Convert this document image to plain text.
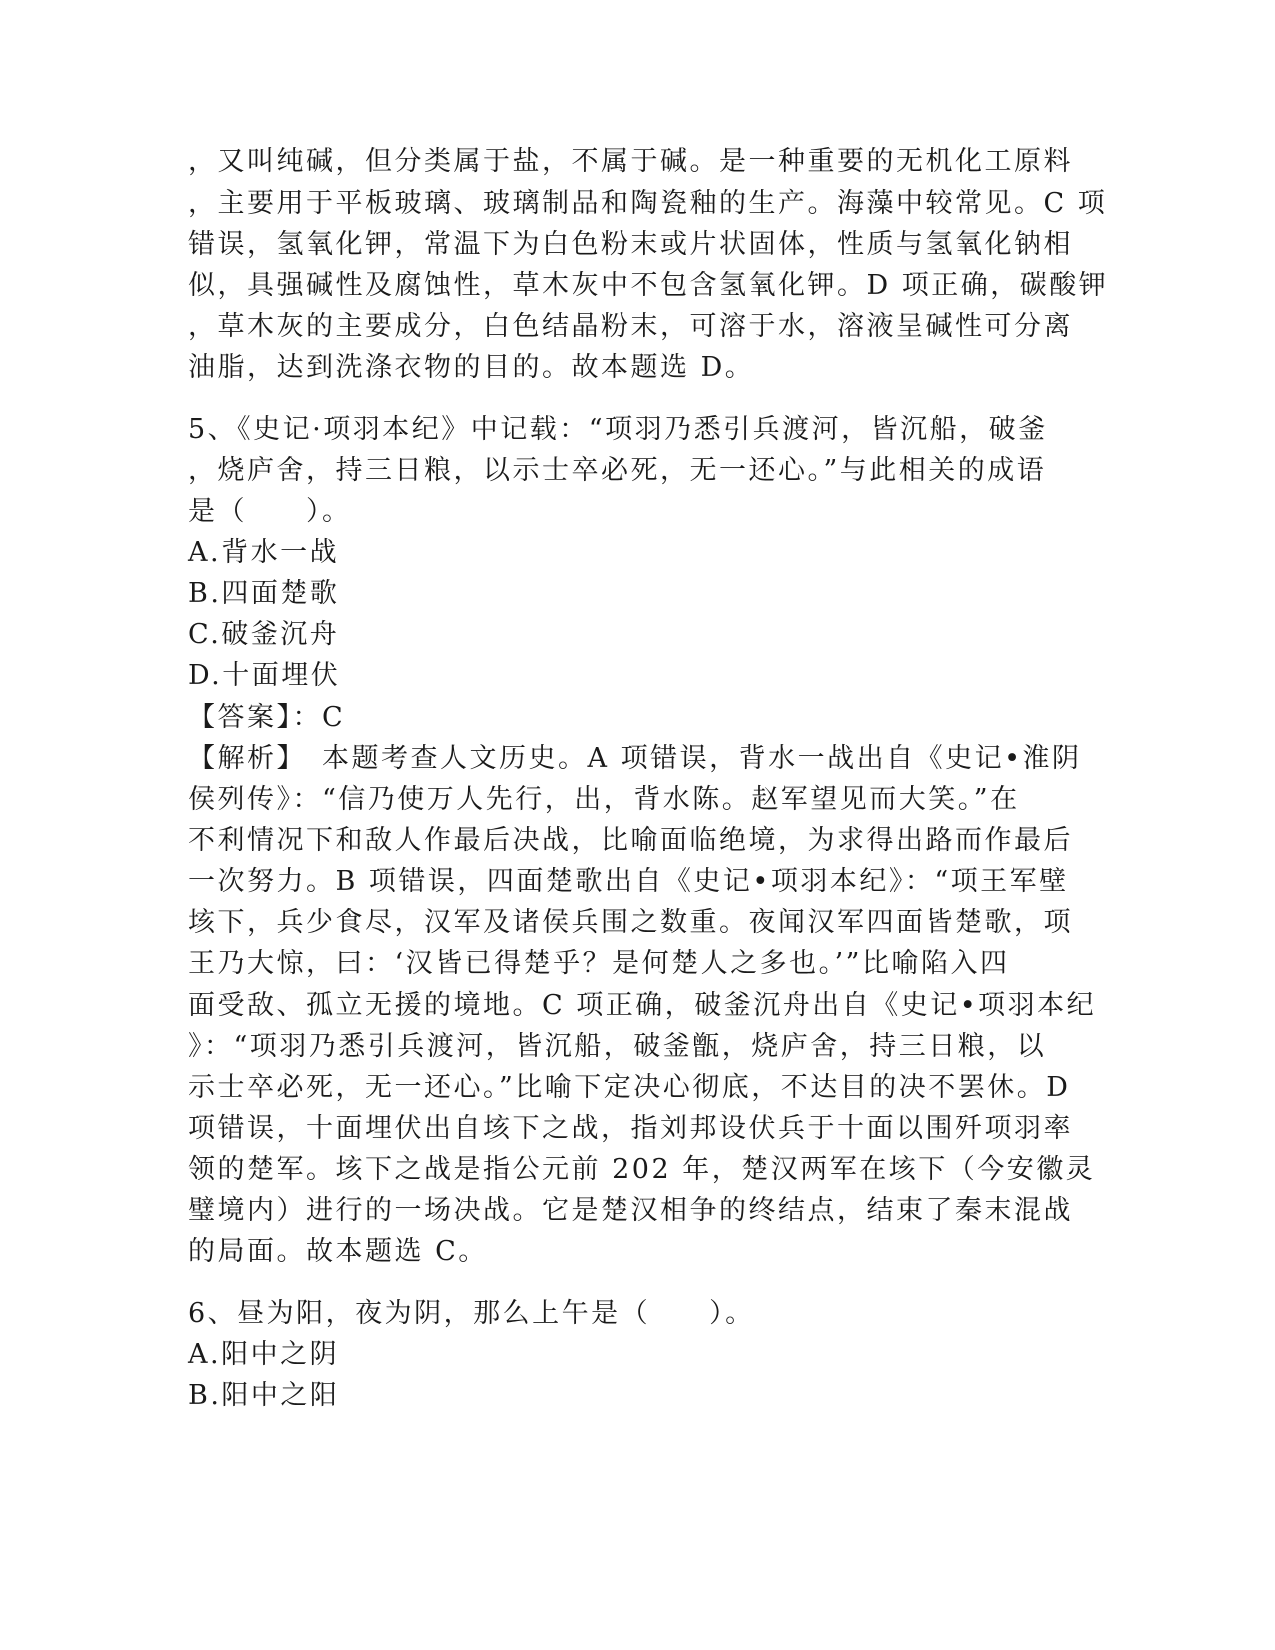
，又叫纯碱，但分类属于盐，不属于碱。是一种重要的无机化工原料
，主要用于平板玻璃、玻璃制品和陶瓷釉的生产。海藻中较常见。C 项
错误，氢氧化钾，常温下为白色粉末或片状固体，性质与氢氧化钠相
似，具强碱性及腐蚀性，草木灰中不包含氢氧化钾。D 项正确，碳酸钾
，草木灰的主要成分，白色结晶粉末，可溶于水，溶液呈碱性可分离
油脂，达到洗涤衣物的目的。故本题选 D。
5、《史记·项羽本纪》中记载：“项羽乃悉引兵渡河，皆沉船，破釜
，烧庐舍，持三日粮，以示士卒必死，无一还心。”与此相关的成语
是（　　）。
A.背水一战
B.四面楚歌
C.破釜沉舟
D.十面埋伏
【答案】：C
【解析】　本题考查人文历史。A 项错误，背水一战出自《史记•淮阴
侯列传》：“信乃使万人先行，出，背水陈。赵军望见而大笑。”在
不利情况下和敌人作最后决战，比喻面临绝境，为求得出路而作最后
一次努力。B 项错误，四面楚歌出自《史记•项羽本纪》：“项王军壁
垓下，兵少食尽，汉军及诸侯兵围之数重。夜闻汉军四面皆楚歌，项
王乃大惊，曰：‘汉皆已得楚乎？是何楚人之多也。’”比喻陷入四
面受敌、孤立无援的境地。C 项正确，破釜沉舟出自《史记•项羽本纪
》：“项羽乃悉引兵渡河，皆沉船，破釜甑，烧庐舍，持三日粮，以
示士卒必死，无一还心。”比喻下定决心彻底，不达目的决不罢休。D
项错误，十面埋伏出自垓下之战，指刘邦设伏兵于十面以围歼项羽率
领的楚军。垓下之战是指公元前 202 年，楚汉两军在垓下（今安徽灵
璧境内）进行的一场决战。它是楚汉相争的终结点，结束了秦末混战
的局面。故本题选 C。
6、昼为阳，夜为阴，那么上午是（　　）。
A.阳中之阴
B.阳中之阳
